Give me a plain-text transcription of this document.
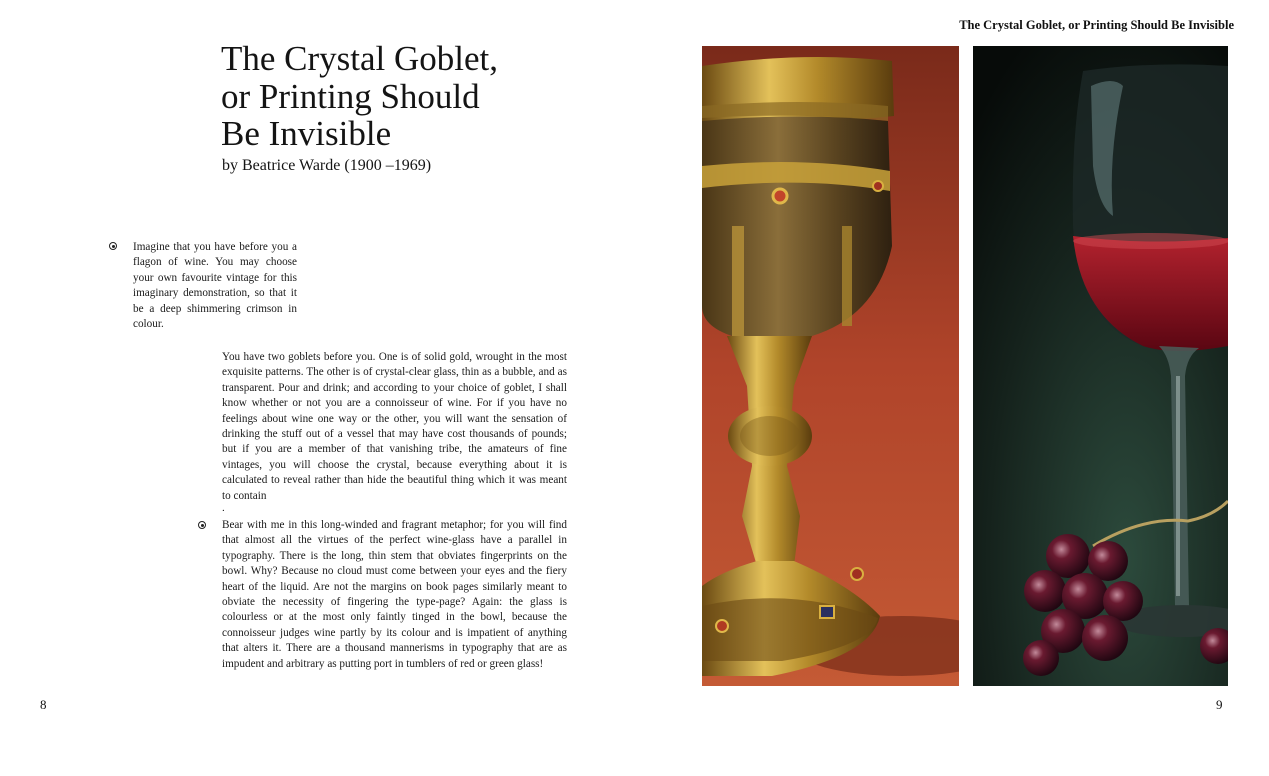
The Crystal Goblet, or Printing Should Be Invisible
The Crystal Goblet,
or Printing Should
Be Invisible
by Beatrice Warde (1900 –1969)

Imagine that you have before you a flagon of wine. You may choose your own favourite vintage for this imaginary demonstration, so that it be a deep shimmering crimson in colour.

You have two goblets before you. One is of solid gold, wrought in the most exquisite patterns. The other is of crystal-clear glass, thin as a bubble, and as transparent. Pour and drink; and according to your choice of goblet, I shall know whether or not you are a connoisseur of wine. For if you have no feelings about wine one way or the other, you will want the sensation of drinking the stuff out of a vessel that may have cost thousands of pounds; but if you are a member of that vanishing tribe, the amateurs of fine vintages, you will choose the crystal, because everything about it is calculated to reveal rather than hide the beautiful thing which it was meant to contain

.

Bear with me in this long-winded and fragrant metaphor; for you will find that almost all the virtues of the perfect wine-glass have a parallel in typography. There is the long, thin stem that obviates fingerprints on the bowl. Why? Because no cloud must come between your eyes and the fiery heart of the liquid. Are not the margins on book pages similarly meant to obviate the necessity of fingering the type-page? Again: the glass is colourless or at the most only faintly tinged in the bowl, because the connoisseur judges wine partly by its colour and is impatient of anything that alters it. There are a thousand mannerisms in typography that are as impudent and arbitrary as putting port in tumblers of red or green glass!

8	9
